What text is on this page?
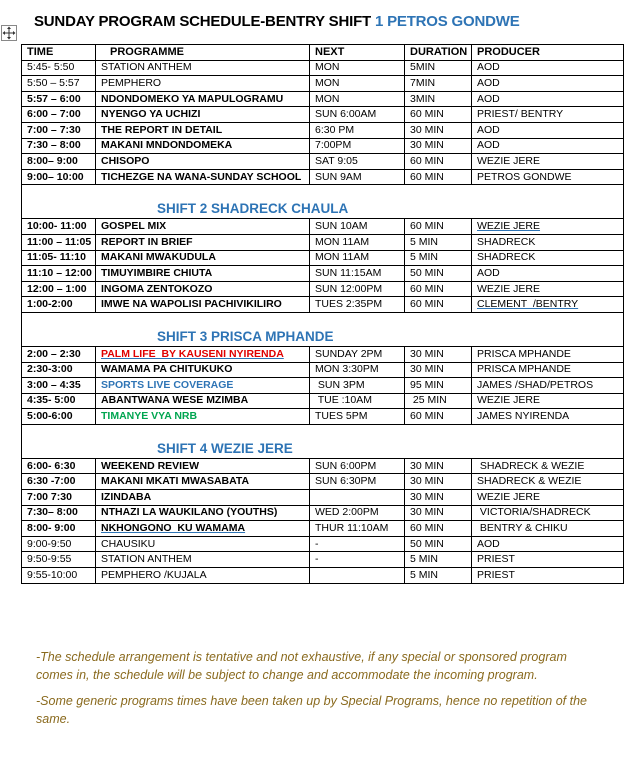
SUNDAY PROGRAM SCHEDULE-BENTRY SHIFT 1 PETROS GONDWE
TIME	PROGRAMME	NEXT	DURATION	PRODUCER
5:45- 5:50	STATION ANTHEM	MON	5MIN	AOD
5:50 – 5:57	PEMPHERO	MON	7MIN	AOD
5:57 – 6:00	NDONDOMEKO YA MAPULOGRAMU	MON	3MIN	AOD
6:00 – 7:00	NYENGO YA UCHIZI	SUN 6:00AM	60 MIN	PRIEST/ BENTRY
7:00 – 7:30	THE REPORT IN DETAIL	6:30 PM	30 MIN	AOD
7:30 – 8:00	MAKANI MNDONDOMEKA	7:00PM	30 MIN	AOD
8:00– 9:00	CHISOPO	SAT 9:05	60 MIN	WEZIE JERE
9:00– 10:00	TICHEZGE NA WANA-SUNDAY SCHOOL	SUN 9AM	60 MIN	PETROS GONDWE

SHIFT 2 SHADRECK CHAULA				

10:00- 11:00	GOSPEL MIX	SUN 10AM	60 MIN	WEZIE JERE
11:00 – 11:05	REPORT IN BRIEF	MON 11AM	5 MIN	SHADRECK
11:05- 11:10	MAKANI MWAKUDULA	MON 11AM	5 MIN	SHADRECK
11:10 – 12:00	TIMUYIMBIRE CHIUTA	SUN 11:15AM	50 MIN	AOD
12:00 – 1:00	INGOMA ZENTOKOZO	SUN 12:00PM	60 MIN	WEZIE JERE
1:00-2:00	IMWE NA WAPOLISI PACHIVIKILIRO	TUES 2:35PM	60 MIN	CLEMENT  /BENTRY

SHIFT 3 PRISCA MPHANDE				

2:00 – 2:30	PALM LIFE  BY KAUSENI NYIRENDA	SUNDAY 2PM	30 MIN	PRISCA MPHANDE
2:30-3:00	WAMAMA PA CHITUKUKO	MON 3:30PM	30 MIN	PRISCA MPHANDE
3:00 – 4:35	SPORTS LIVE COVERAGE	SUN 3PM	95 MIN	JAMES /SHAD/PETROS
4:35- 5:00	ABANTWANA WESE MZIMBA	TUE :10AM	25 MIN	WEZIE JERE
5:00-6:00	TIMANYE VYA NRB	TUES 5PM	60 MIN	JAMES NYIRENDA

SHIFT 4 WEZIE JERE				

6:00- 6:30	WEEKEND REVIEW	SUN 6:00PM	30 MIN	SHADRECK & WEZIE
6:30 -7:00	MAKANI MKATI MWASABATA	SUN 6:30PM	30 MIN	SHADRECK & WEZIE
7:00 7:30	IZINDABA		30 MIN	WEZIE JERE
7:30– 8:00	NTHAZI LA WAUKILANO (YOUTHS)	WED 2:00PM	30 MIN	VICTORIA/SHADRECK
8:00- 9:00	NKHONGONO  KU WAMAMA	THUR 11:10AM	60 MIN	BENTRY & CHIKU
9:00-9:50	CHAUSIKU	-	50 MIN	AOD
9:50-9:55	STATION ANTHEM	-	5 MIN	PRIEST
9:55-10:00	PEMPHERO /KUJALA		5 MIN	PRIEST

-The schedule arrangement is tentative and not exhaustive, if any special or sponsored program comes in, the schedule will be subject to change and accommodate the incoming program.

-Some generic programs times have been taken up by Special Programs, hence no repetition of the same.
